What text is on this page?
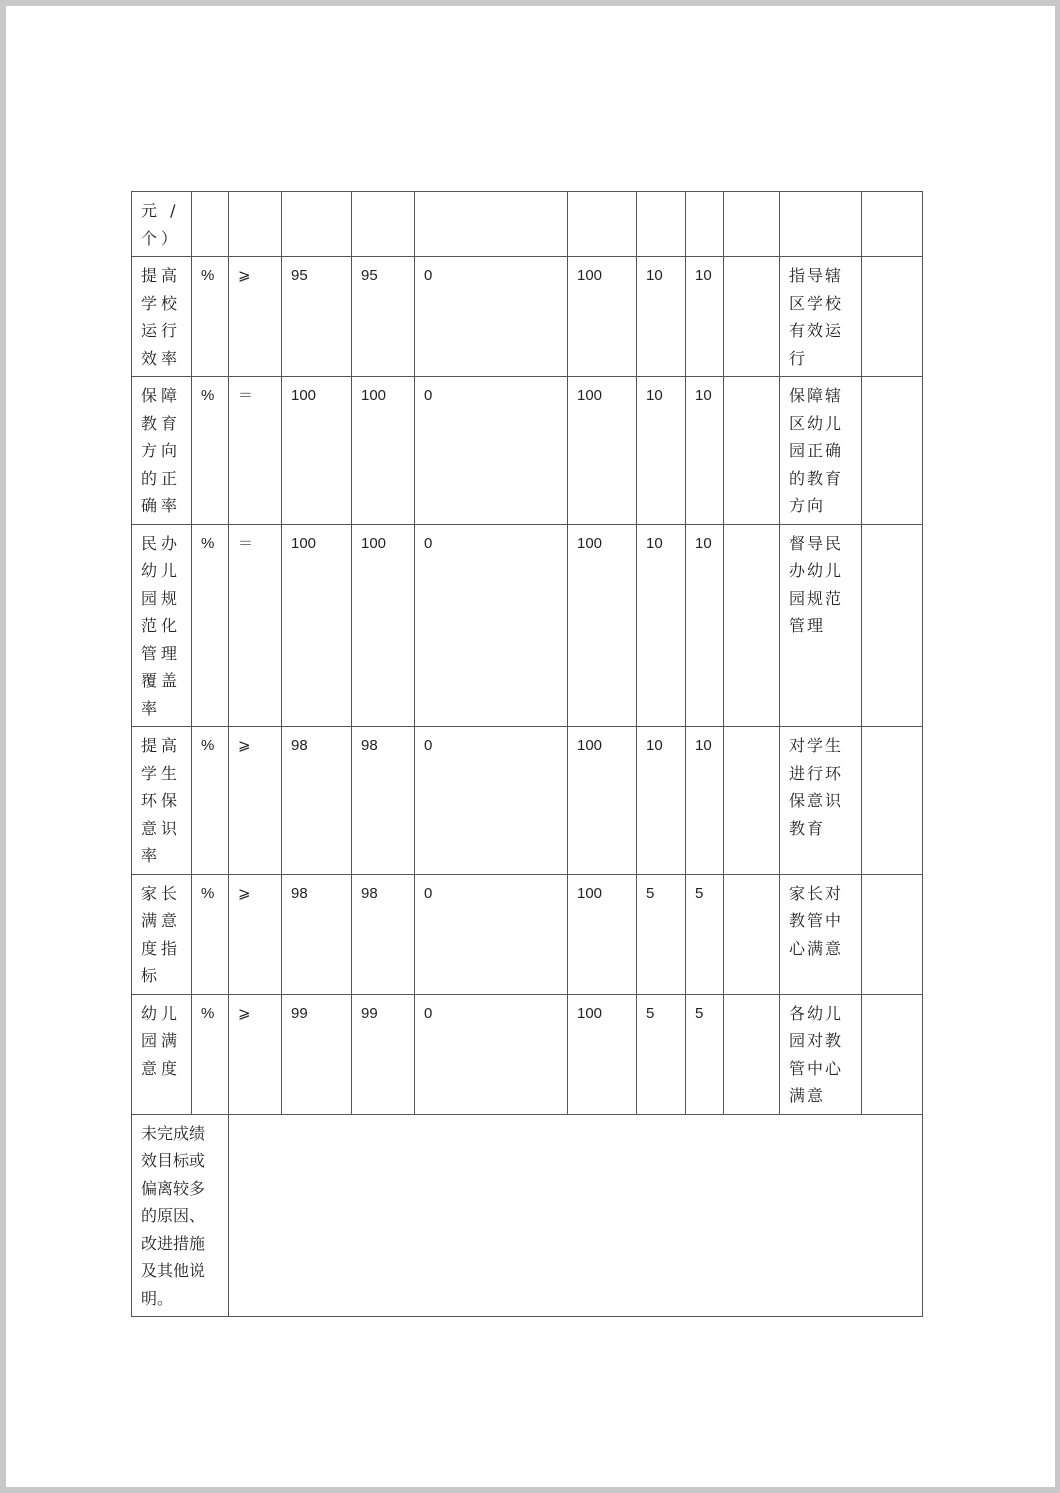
元 /个）											
提高学校运行效率	%	⩾	95	95	0	100	10	10		指导辖区学校有效运行	
保障教育方向的正确率	%	＝	100	100	0	100	10	10		保障辖区幼儿园正确的教育方向	
民办幼儿园规范化管理覆盖率	%	＝	100	100	0	100	10	10		督导民办幼儿园规范管理	
提高学生环保意识率	%	⩾	98	98	0	100	10	10		对学生进行环保意识教育	
家长满意度指标	%	⩾	98	98	0	100	5	5		家长对教管中心满意	
幼儿园满意度	%	⩾	99	99	0	100	5	5		各幼儿园对教管中心满意	
未完成绩效目标或偏离较多的原因、改进措施及其他说明。											
